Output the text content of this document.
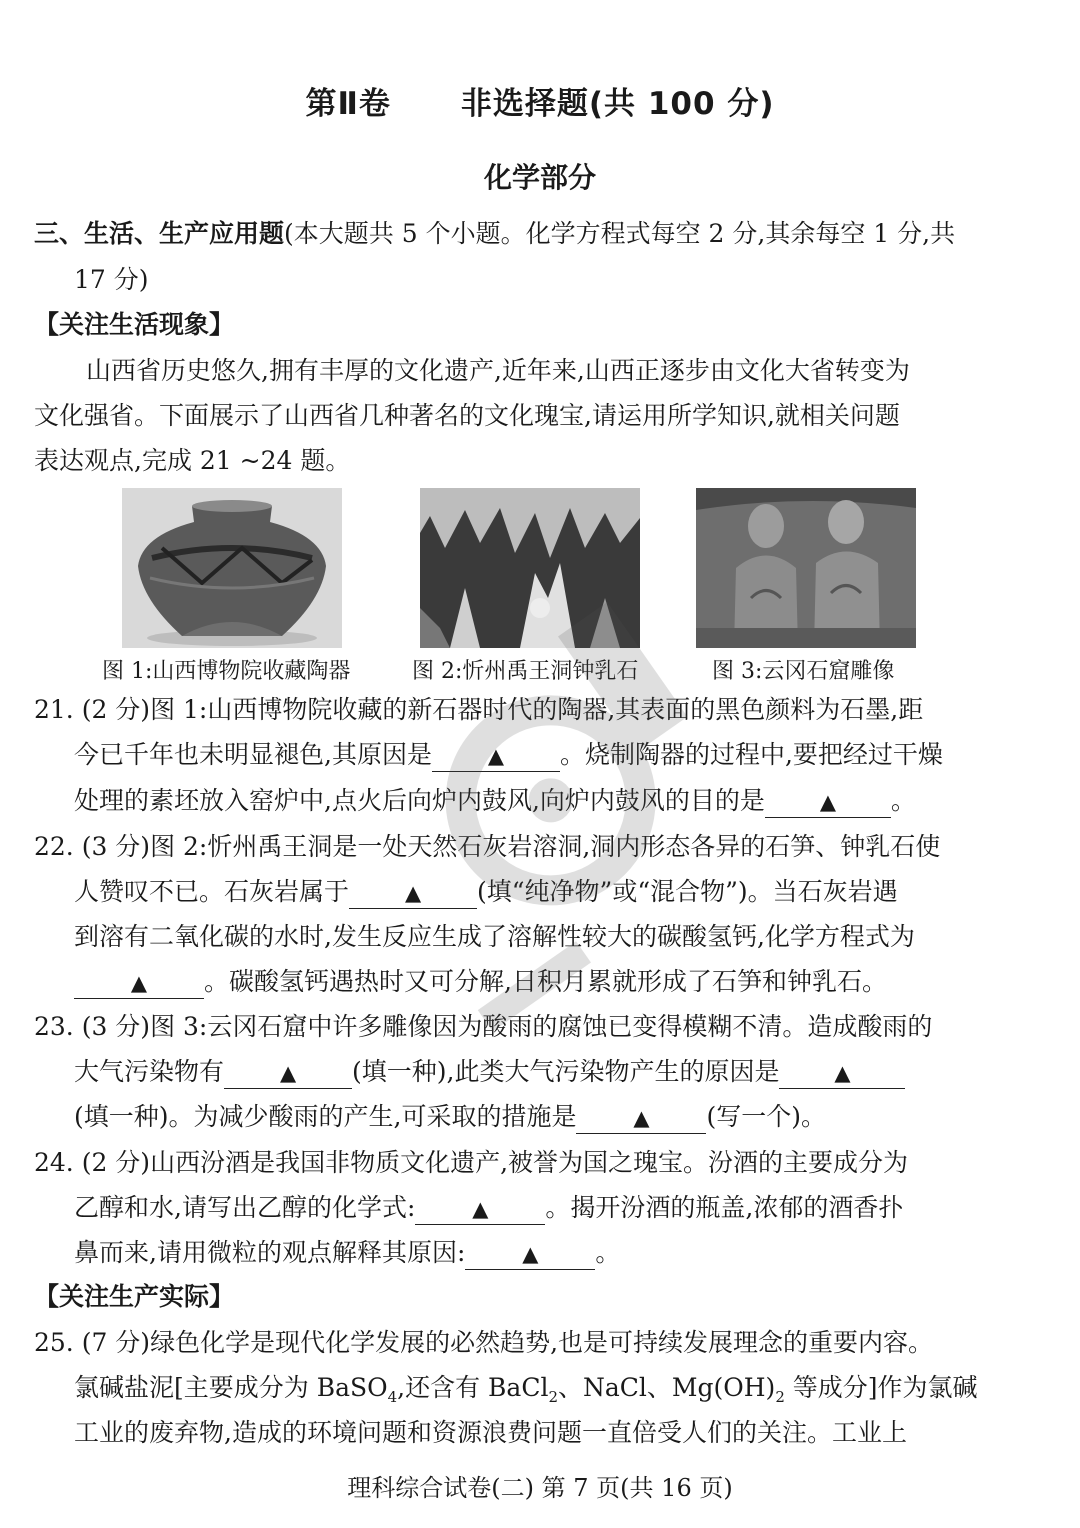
第Ⅱ卷 非选择题(共 100 分)
化学部分
三、生活、生产应用题(本大题共 5 个小题。化学方程式每空 2 分,其余每空 1 分,共
17 分)
【关注生活现象】
山西省历史悠久,拥有丰厚的文化遗产,近年来,山西正逐步由文化大省转变为
文化强省。下面展示了山西省几种著名的文化瑰宝,请运用所学知识,就相关问题
表达观点,完成 21 ~24 题。
图 1:山西博物院收藏陶器	图 2:忻州禹王洞钟乳石	图 3:云冈石窟雕像
21. (2 分)图 1:山西博物院收藏的新石器时代的陶器,其表面的黑色颜料为石墨,距
今已千年也未明显褪色,其原因是	▲ 。烧制陶器的过程中,要把经过干燥
处理的素坯放入窑炉中,点火后向炉内鼓风,向炉内鼓风的目的是	▲ 。
22. (3 分)图 2:忻州禹王洞是一处天然石灰岩溶洞,洞内形态各异的石笋、钟乳石使
人赞叹不已。石灰岩属于	▲ (填“纯净物”或“混合物”)。当石灰岩遇
到溶有二氧化碳的水时,发生反应生成了溶解性较大的碳酸氢钙,化学方程式为
▲ 。碳酸氢钙遇热时又可分解,日积月累就形成了石笋和钟乳石。
23. (3 分)图 3:云冈石窟中许多雕像因为酸雨的腐蚀已变得模糊不清。造成酸雨的
大气污染物有	▲ (填一种),此类大气污染物产生的原因是	▲
(填一种)。为减少酸雨的产生,可采取的措施是	▲ (写一个)。
24. (2 分)山西汾酒是我国非物质文化遗产,被誉为国之瑰宝。汾酒的主要成分为
乙醇和水,请写出乙醇的化学式:	▲ 。揭开汾酒的瓶盖,浓郁的酒香扑
鼻而来,请用微粒的观点解释其原因:	▲ 。
【关注生产实际】
25. (7 分)绿色化学是现代化学发展的必然趋势,也是可持续发展理念的重要内容。
氯碱盐泥[主要成分为 BaSO$_4$,还含有 BaCl$_2$、NaCl、$Mg(OH)_2$ 等成分]作为氯碱
工业的废弃物,造成的环境问题和资源浪费问题一直倍受人们的关注。工业上
理科综合试卷(二) 第 7 页(共 16 页)
